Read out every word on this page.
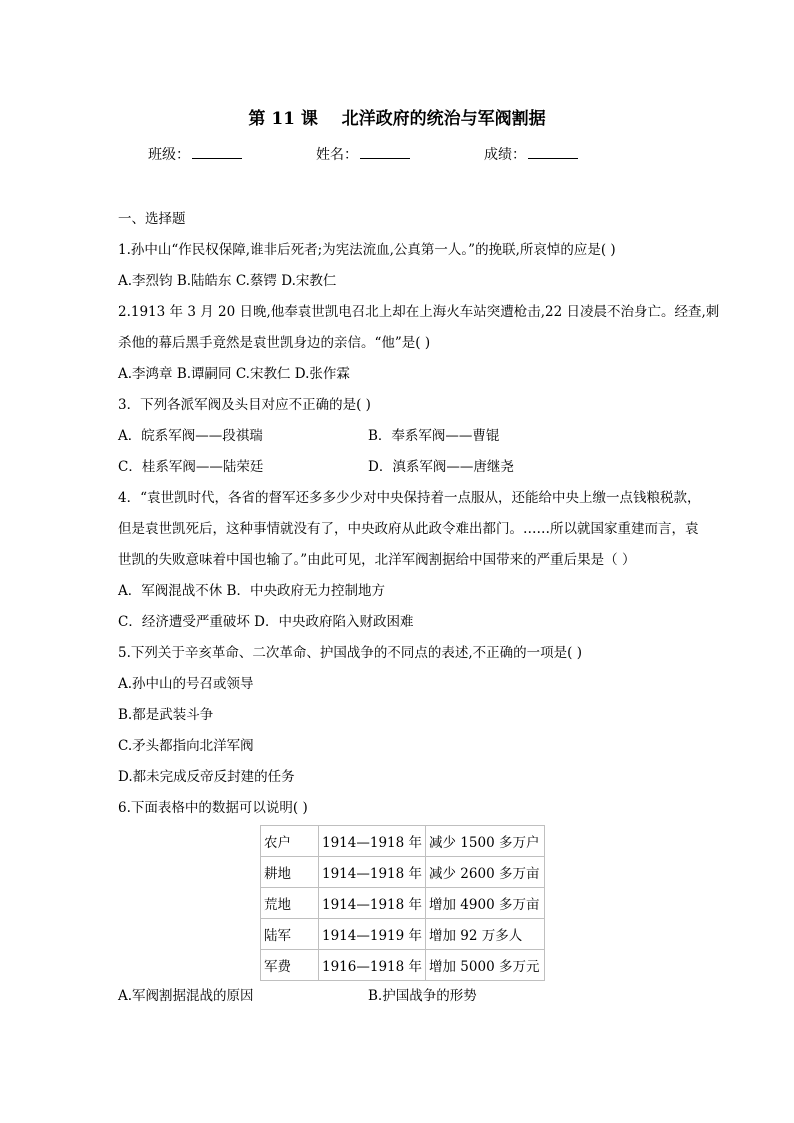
第 11 课    北洋政府的统治与军阀割据
班级：	姓名：	成绩：
一、选择题
1.孙中山“作民权保障,谁非后死者;为宪法流血,公真第一人。”的挽联,所哀悼的应是( )
A.李烈钧 B.陆皓东 C.蔡锷 D.宋教仁
2.1913 年 3 月 20 日晚,他奉袁世凯电召北上却在上海火车站突遭枪击,22 日凌晨不治身亡。经查,刺
杀他的幕后黑手竟然是袁世凯身边的亲信。“他”是( )
A.李鸿章 B.谭嗣同 C.宋教仁 D.张作霖
3．下列各派军阀及头目对应不正确的是( )
A．皖系军阀——段祺瑞	B．奉系军阀——曹锟
C．桂系军阀——陆荣廷	D．滇系军阀——唐继尧
4．“袁世凯时代，各省的督军还多多少少对中央保持着一点服从，还能给中央上缴一点钱粮税款，
但是袁世凯死后，这种事情就没有了，中央政府从此政令难出都门。……所以就国家重建而言，袁
世凯的失败意味着中国也输了。”由此可见，北洋军阀割据给中国带来的严重后果是（ ）
A．军阀混战不休 B．中央政府无力控制地方
C．经济遭受严重破坏 D．中央政府陷入财政困难
5.下列关于辛亥革命、二次革命、护国战争的不同点的表述,不正确的一项是( )
A.孙中山的号召或领导
B.都是武装斗争
C.矛头都指向北洋军阀
D.都未完成反帝反封建的任务
6.下面表格中的数据可以说明( )
农户	1914—1918 年	减少 1500 多万户
耕地	1914—1918 年	减少 2600 多万亩
荒地	1914—1918 年	增加 4900 多万亩
陆军	1914—1919 年	增加 92 万多人
军费	1916—1918 年	增加 5000 多万元
A.军阀割据混战的原因	B.护国战争的形势
